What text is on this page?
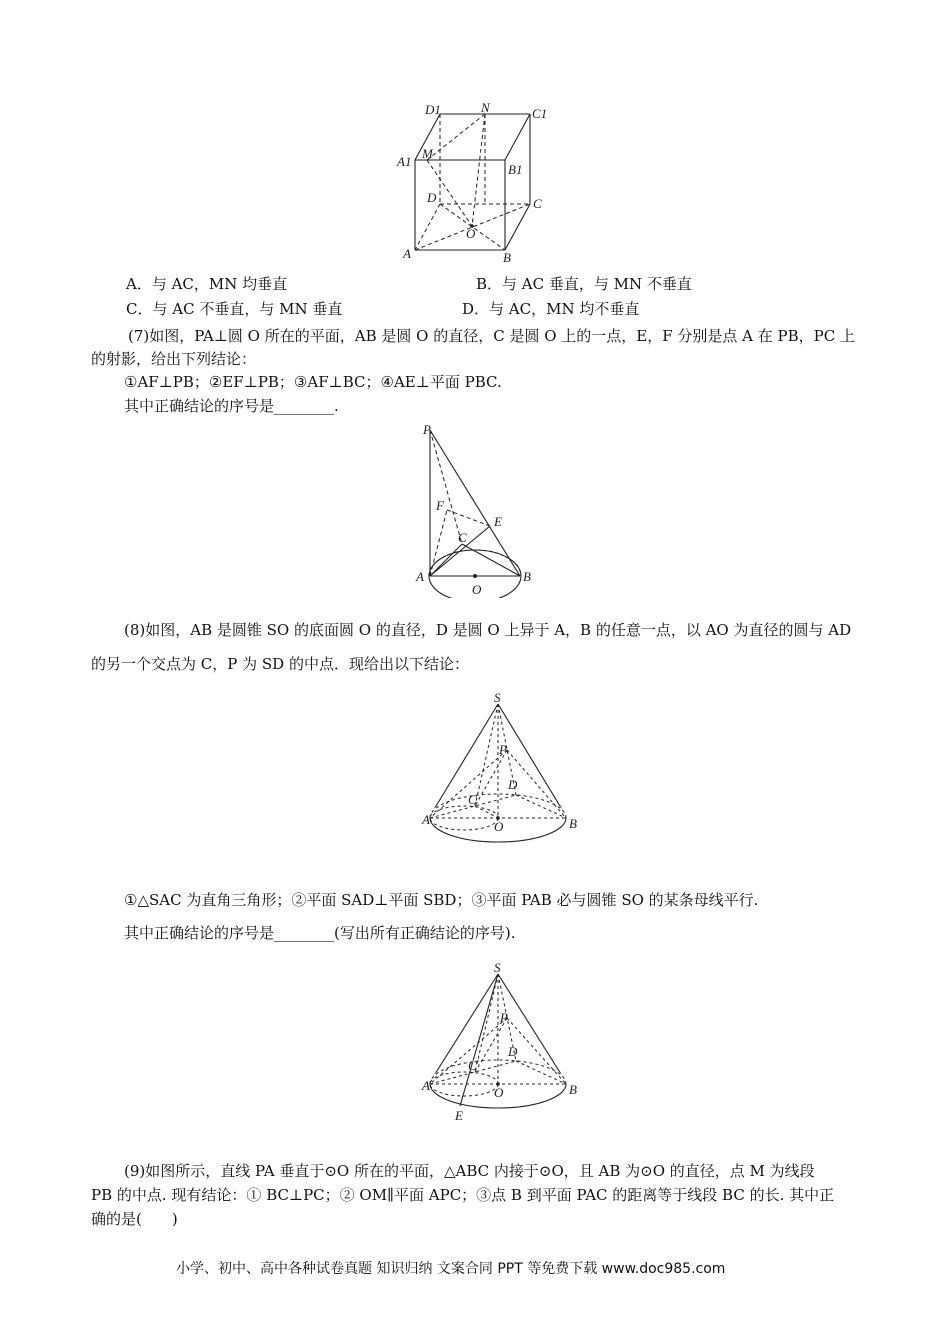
D1	N	C1
A1
M
B1
D	C
O
A	B
A．与 AC，MN 均垂直	B．与 AC 垂直，与 MN 不垂直
C．与 AC 不垂直，与 MN 垂直	D．与 AC，MN 均不垂直
(7)如图，PA⊥圆 O 所在的平面，AB 是圆 O 的直径，C 是圆 O 上的一点，E，F 分别是点 A 在 PB，PC 上
的射影，给出下列结论：
①AF⊥PB；②EF⊥PB；③AF⊥BC；④AE⊥平面 PBC.
其中正确结论的序号是________.
P
F
E
C
A	B
O
(8)如图，AB 是圆锥 SO 的底面圆 O 的直径，D 是圆 O 上异于 A，B 的任意一点，以 AO 为直径的圆与 AD
的另一个交点为 C，P 为 SD 的中点．现给出以下结论：
S
P
D
C
A	O	B
①△SAC 为直角三角形；②平面 SAD⊥平面 SBD；③平面 PAB 必与圆锥 SO 的某条母线平行.
其中正确结论的序号是________(写出所有正确结论的序号).
S
P
D
C
A	O	B
E
(9)如图所示，直线 PA 垂直于⊙O 所在的平面，△ABC 内接于⊙O，且 AB 为⊙O 的直径，点 M 为线段
PB 的中点. 现有结论：① BC⊥PC；② OM∥平面 APC；③点 B 到平面 PAC 的距离等于线段 BC 的长. 其中正
确的是(　　)
小学、初中、高中各种试卷真题 知识归纳 文案合同 PPT 等免费下载 www.doc985.com
